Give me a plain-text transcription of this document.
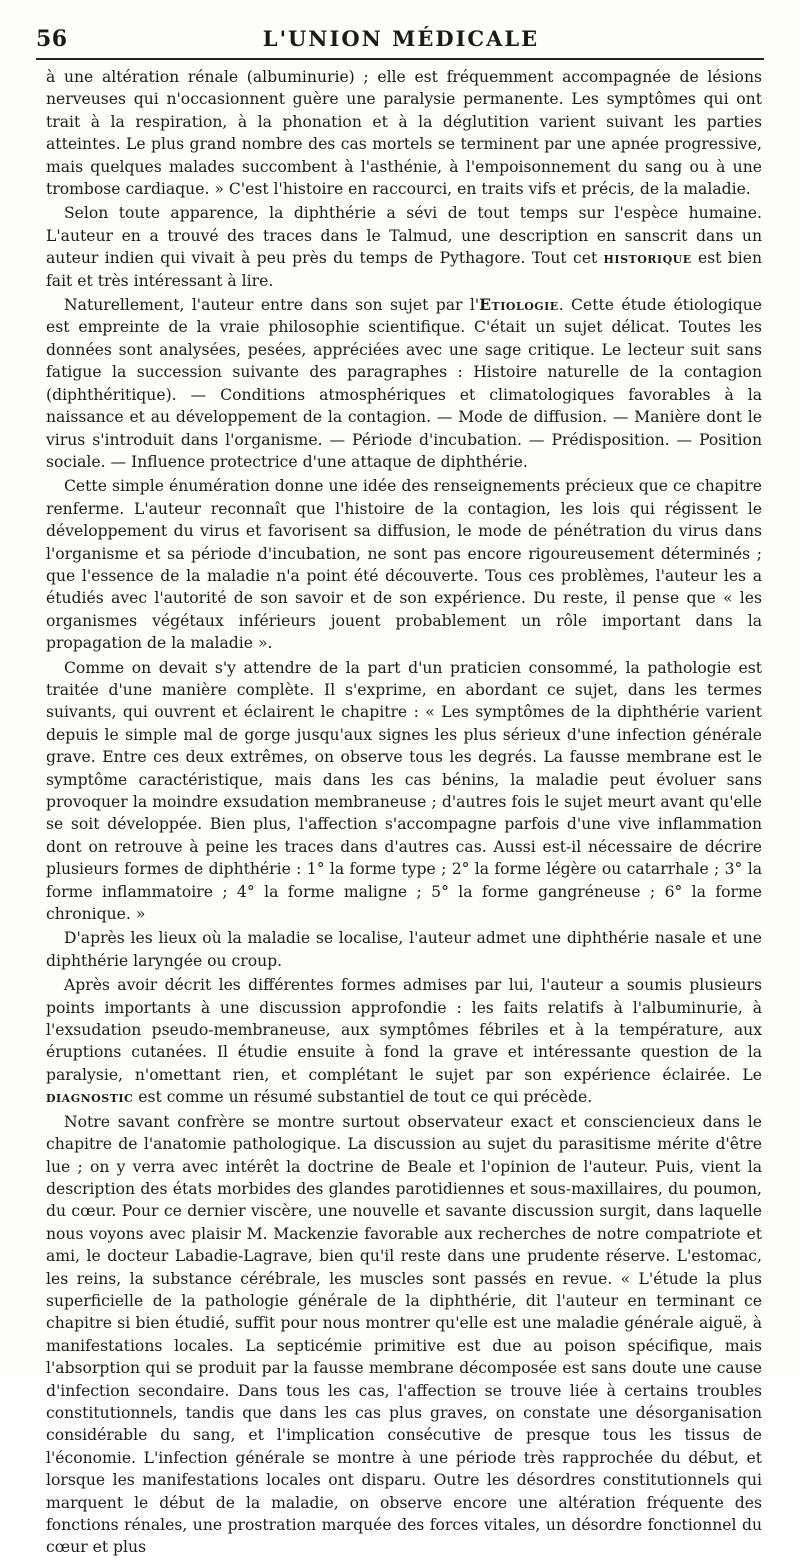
56	L'UNION MÉDICALE

à une altération rénale (albuminurie) ; elle est fréquemment accompagnée de lésions nerveuses qui n'occasionnent guère une paralysie permanente. Les symptômes qui ont trait à la respiration, à la phonation et à la déglutition varient suivant les parties atteintes. Le plus grand nombre des cas mortels se terminent par une apnée progressive, mais quelques malades succombent à l'asthénie, à l'empoisonnement du sang ou à une trombose cardiaque. » C'est l'histoire en raccourci, en traits vifs et précis, de la maladie.

Selon toute apparence, la diphthérie a sévi de tout temps sur l'espèce humaine. L'auteur en a trouvé des traces dans le Talmud, une description en sanscrit dans un auteur indien qui vivait à peu près du temps de Pythagore. Tout cet historique est bien fait et très intéressant à lire.

Naturellement, l'auteur entre dans son sujet par l'Etiologie. Cette étude étiologique est empreinte de la vraie philosophie scientifique. C'était un sujet délicat. Toutes les données sont analysées, pesées, appréciées avec une sage critique. Le lecteur suit sans fatigue la succession suivante des paragraphes : Histoire naturelle de la contagion (diphthéritique). — Conditions atmosphériques et climatologiques favorables à la naissance et au développement de la contagion. — Mode de diffusion. — Manière dont le virus s'introduit dans l'organisme. — Période d'incubation. — Prédisposition. — Position sociale. — Influence protectrice d'une attaque de diphthérie.

Cette simple énumération donne une idée des renseignements précieux que ce chapitre renferme. L'auteur reconnaît que l'histoire de la contagion, les lois qui régissent le développement du virus et favorisent sa diffusion, le mode de pénétration du virus dans l'organisme et sa période d'incubation, ne sont pas encore rigoureusement déterminés ; que l'essence de la maladie n'a point été découverte. Tous ces problèmes, l'auteur les a étudiés avec l'autorité de son savoir et de son expérience. Du reste, il pense que « les organismes végétaux inférieurs jouent probablement un rôle important dans la propagation de la maladie ».

Comme on devait s'y attendre de la part d'un praticien consommé, la pathologie est traitée d'une manière complète. Il s'exprime, en abordant ce sujet, dans les termes suivants, qui ouvrent et éclairent le chapitre : « Les symptômes de la diphthérie varient depuis le simple mal de gorge jusqu'aux signes les plus sérieux d'une infection générale grave. Entre ces deux extrêmes, on observe tous les degrés. La fausse membrane est le symptôme caractéristique, mais dans les cas bénins, la maladie peut évoluer sans provoquer la moindre exsudation membraneuse ; d'autres fois le sujet meurt avant qu'elle se soit développée. Bien plus, l'affection s'accompagne parfois d'une vive inflammation dont on retrouve à peine les traces dans d'autres cas. Aussi est-il nécessaire de décrire plusieurs formes de diphthérie : 1° la forme type ; 2° la forme légère ou catarrhale ; 3° la forme inflammatoire ; 4° la forme maligne ; 5° la forme gangréneuse ; 6° la forme chronique. »

D'après les lieux où la maladie se localise, l'auteur admet une diphthérie nasale et une diphthérie laryngée ou croup.

Après avoir décrit les différentes formes admises par lui, l'auteur a soumis plusieurs points importants à une discussion approfondie : les faits relatifs à l'albuminurie, à l'exsudation pseudo-membraneuse, aux symptômes fébriles et à la température, aux éruptions cutanées. Il étudie ensuite à fond la grave et intéressante question de la paralysie, n'omettant rien, et complétant le sujet par son expérience éclairée. Le diagnostic est comme un résumé substantiel de tout ce qui précède.

Notre savant confrère se montre surtout observateur exact et consciencieux dans le chapitre de l'anatomie pathologique. La discussion au sujet du parasitisme mérite d'être lue ; on y verra avec intérêt la doctrine de Beale et l'opinion de l'auteur. Puis, vient la description des états morbides des glandes parotidiennes et sous-maxillaires, du poumon, du cœur. Pour ce dernier viscère, une nouvelle et savante discussion surgit, dans laquelle nous voyons avec plaisir M. Mackenzie favorable aux recherches de notre compatriote et ami, le docteur Labadie-Lagrave, bien qu'il reste dans une prudente réserve. L'estomac, les reins, la substance cérébrale, les muscles sont passés en revue. « L'étude la plus superficielle de la pathologie générale de la diphthérie, dit l'auteur en terminant ce chapitre si bien étudié, suffit pour nous montrer qu'elle est une maladie générale aiguë, à manifestations locales. La septicémie primitive est due au poison spécifique, mais l'absorption qui se produit par la fausse membrane décomposée est sans doute une cause d'infection secondaire. Dans tous les cas, l'affection se trouve liée à certains troubles constitutionnels, tandis que dans les cas plus graves, on constate une désorganisation considérable du sang, et l'implication consécutive de presque tous les tissus de l'économie. L'infection générale se montre à une période très rapprochée du début, et lorsque les manifestations locales ont disparu. Outre les désordres constitutionnels qui marquent le début de la maladie, on observe encore une altération fréquente des fonctions rénales, une prostration marquée des forces vitales, un désordre fonctionnel du cœur et plus
